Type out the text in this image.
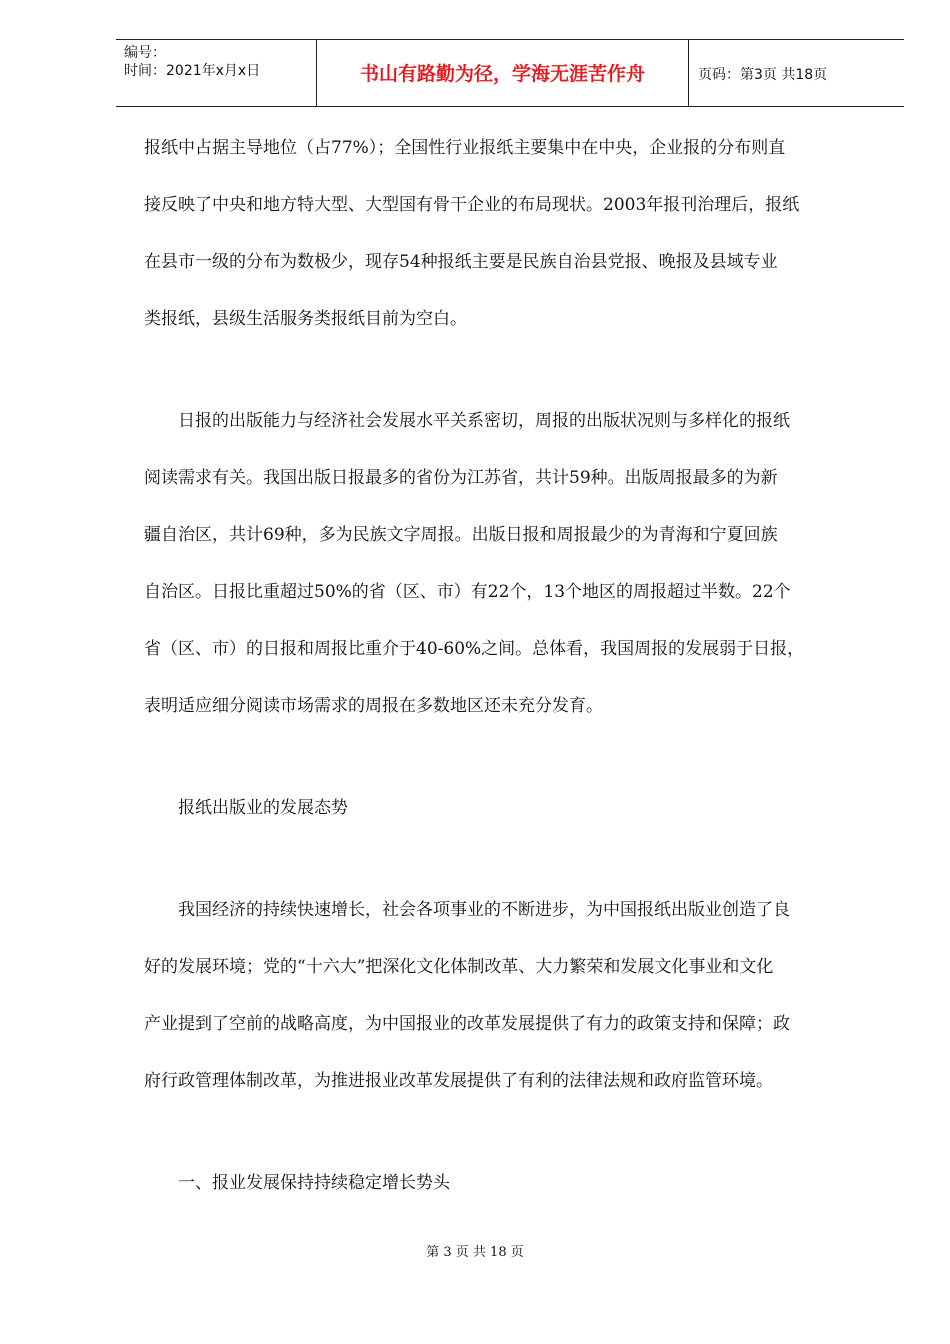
编号：
时间：2021年x月x日	书山有路勤为径，学海无涯苦作舟	页码：第3页 共18页
报纸中占据主导地位（占77%）；全国性行业报纸主要集中在中央，企业报的分布则直
接反映了中央和地方特大型、大型国有骨干企业的布局现状。2003年报刊治理后，报纸
在县市一级的分布为数极少，现存54种报纸主要是民族自治县党报、晚报及县域专业
类报纸，县级生活服务类报纸目前为空白。
　　日报的出版能力与经济社会发展水平关系密切，周报的出版状况则与多样化的报纸
阅读需求有关。我国出版日报最多的省份为江苏省，共计59种。出版周报最多的为新
疆自治区，共计69种，多为民族文字周报。出版日报和周报最少的为青海和宁夏回族
自治区。日报比重超过50%的省（区、市）有22个，13个地区的周报超过半数。22个
省（区、市）的日报和周报比重介于40-60%之间。总体看，我国周报的发展弱于日报，
表明适应细分阅读市场需求的周报在多数地区还未充分发育。
　　报纸出版业的发展态势
　　我国经济的持续快速增长，社会各项事业的不断进步，为中国报纸出版业创造了良
好的发展环境；党的“十六大”把深化文化体制改革、大力繁荣和发展文化事业和文化
产业提到了空前的战略高度，为中国报业的改革发展提供了有力的政策支持和保障；政
府行政管理体制改革，为推进报业改革发展提供了有利的法律法规和政府监管环境。
　　一、报业发展保持持续稳定增长势头
第 3 页 共 18 页
